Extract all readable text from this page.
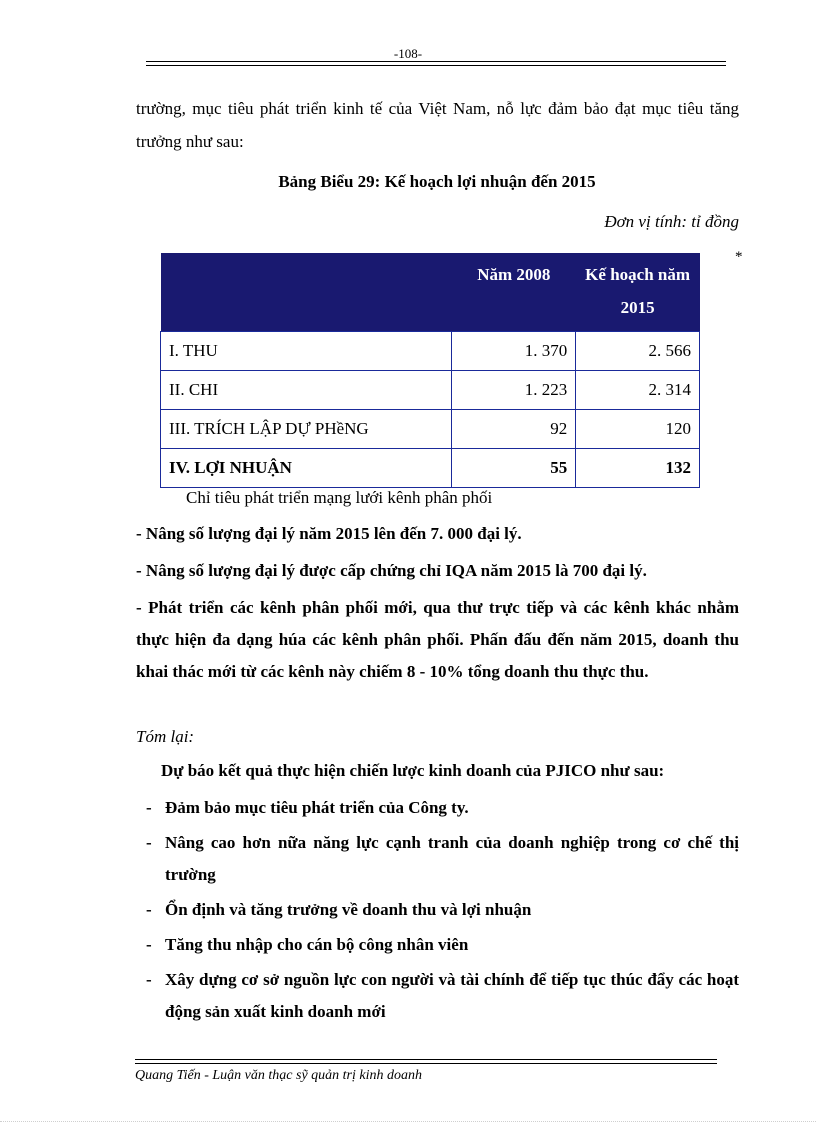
-108-
trường, mục tiêu phát triển kinh tế của Việt Nam, nỗ lực đảm bảo đạt mục tiêu tăng trưởng như sau:
Bảng Biểu 29: Kế hoạch lợi nhuận đến 2015
Đơn vị tính: tỉ đồng
*
	Năm 2008	Kế hoạch năm 2015
I. THU	1. 370	2. 566
II. CHI	1. 223	2. 314
III. TRÍCH LẬP DỰ PHềNG	92	120
IV. LỢI NHUẬN	55	132
Chỉ tiêu phát triển mạng lưới kênh phân phối
- Nâng số lượng đại lý năm 2015 lên đến 7. 000 đại lý.
- Nâng số lượng đại lý được cấp chứng chỉ IQA năm 2015 là 700 đại lý.
- Phát triển các kênh phân phối mới, qua thư trực tiếp và các kênh khác nhằm thực hiện đa dạng húa các kênh phân phối. Phấn đấu đến năm 2015, doanh thu khai thác mới từ các kênh này chiếm 8 - 10% tổng doanh thu thực thu.
Tóm lại:
Dự báo kết quả thực hiện chiến lược kinh doanh của PJICO như sau:
- Đảm bảo mục tiêu phát triển của Công ty.
- Nâng cao hơn nữa năng lực cạnh tranh của doanh nghiệp trong cơ chế thị trường
- Ổn định và tăng trưởng về doanh thu và lợi nhuận
- Tăng thu nhập cho cán bộ công nhân viên
- Xây dựng cơ sở nguồn lực con người và tài chính để tiếp tục thúc đẩy các hoạt động sản xuất kinh doanh mới
Quang Tiến - Luận văn thạc sỹ quản trị kinh doanh
